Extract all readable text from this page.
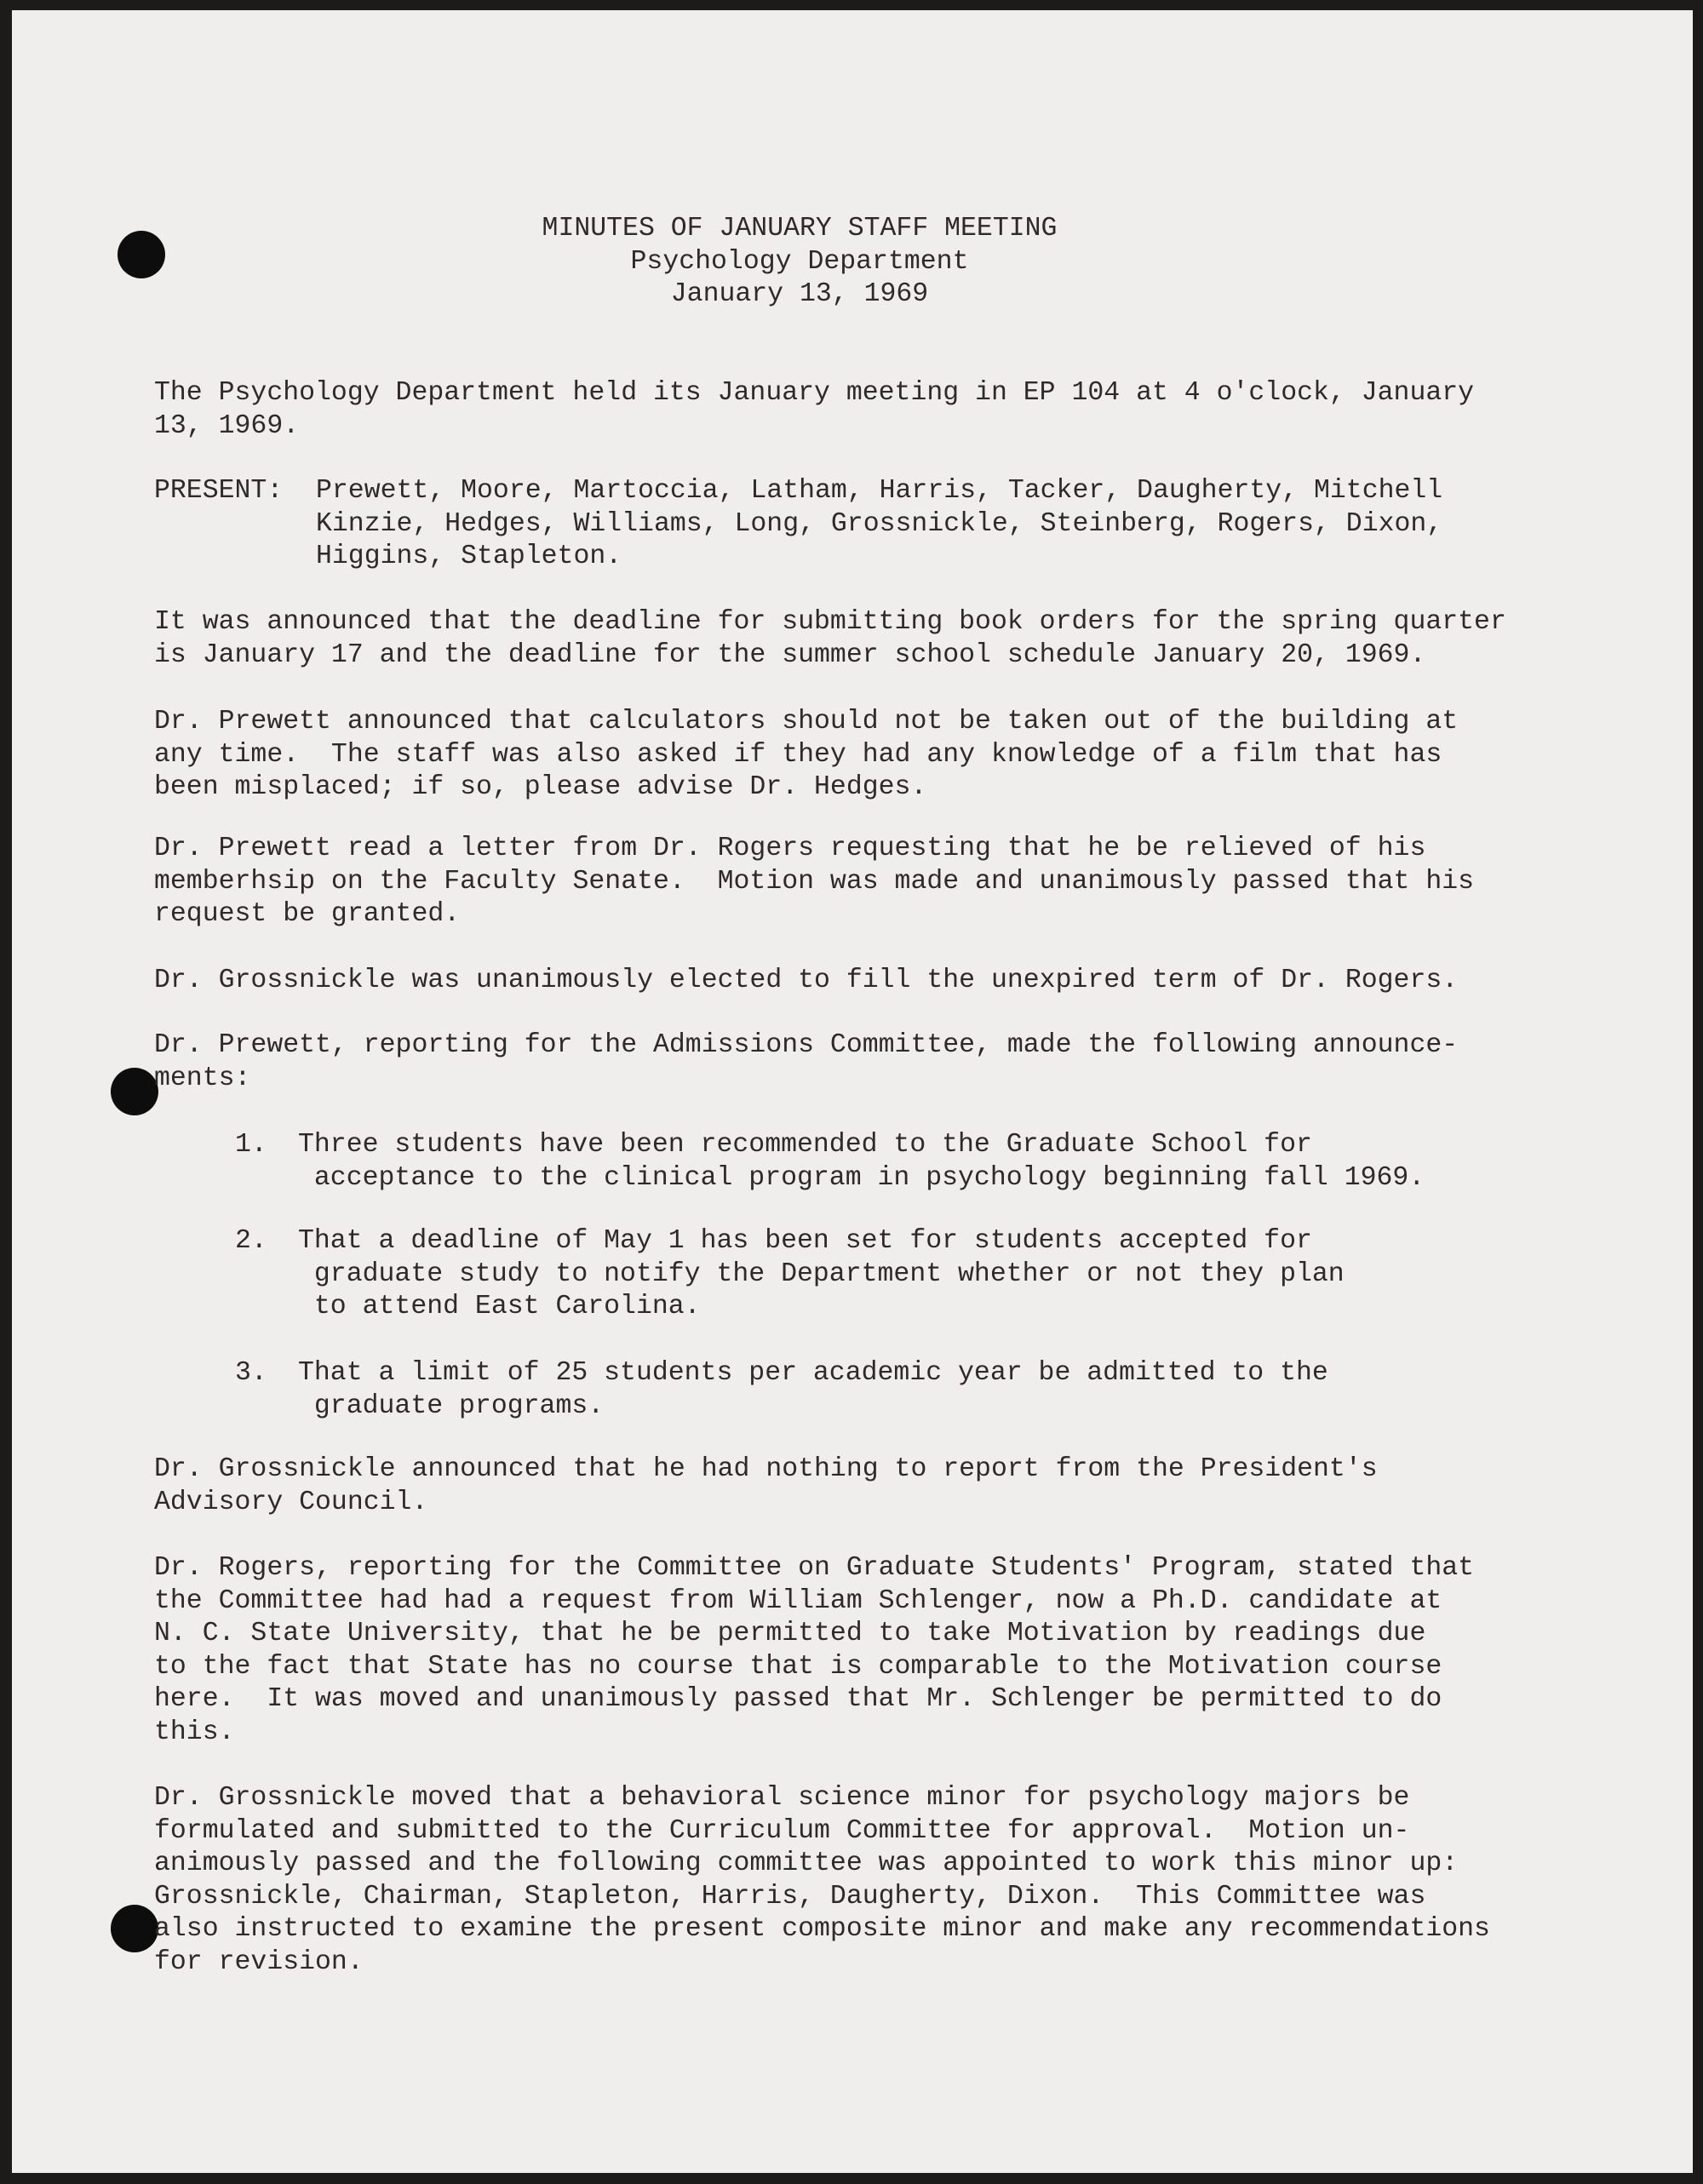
MINUTES OF JANUARY STAFF MEETING
Psychology Department
January 13, 1969
The Psychology Department held its January meeting in EP 104 at 4 o'clock, January
13, 1969.
PRESENT: Prewett, Moore, Martoccia, Latham, Harris, Tacker, Daugherty, Mitchell
Kinzie, Hedges, Williams, Long, Grossnickle, Steinberg, Rogers, Dixon,
Higgins, Stapleton.
It was announced that the deadline for submitting book orders for the spring quarter
is January 17 and the deadline for the summer school schedule January 20, 1969.
Dr. Prewett announced that calculators should not be taken out of the building at
any time.  The staff was also asked if they had any knowledge of a film that has
been misplaced; if so, please advise Dr. Hedges.
Dr. Prewett read a letter from Dr. Rogers requesting that he be relieved of his
memberhsip on the Faculty Senate.  Motion was made and unanimously passed that his
request be granted.
Dr. Grossnickle was unanimously elected to fill the unexpired term of Dr. Rogers.
Dr. Prewett, reporting for the Admissions Committee, made the following announce-
ments:
1. Three students have been recommended to the Graduate School for
acceptance to the clinical program in psychology beginning fall 1969.
2. That a deadline of May 1 has been set for students accepted for
graduate study to notify the Department whether or not they plan
to attend East Carolina.
3. That a limit of 25 students per academic year be admitted to the
graduate programs.
Dr. Grossnickle announced that he had nothing to report from the President's
Advisory Council.
Dr. Rogers, reporting for the Committee on Graduate Students' Program, stated that
the Committee had had a request from William Schlenger, now a Ph.D. candidate at
N. C. State University, that he be permitted to take Motivation by readings due
to the fact that State has no course that is comparable to the Motivation course
here.  It was moved and unanimously passed that Mr. Schlenger be permitted to do
this.
Dr. Grossnickle moved that a behavioral science minor for psychology majors be
formulated and submitted to the Curriculum Committee for approval.  Motion un-
animously passed and the following committee was appointed to work this minor up:
Grossnickle, Chairman, Stapleton, Harris, Daugherty, Dixon.  This Committee was
also instructed to examine the present composite minor and make any recommendations
for revision.
